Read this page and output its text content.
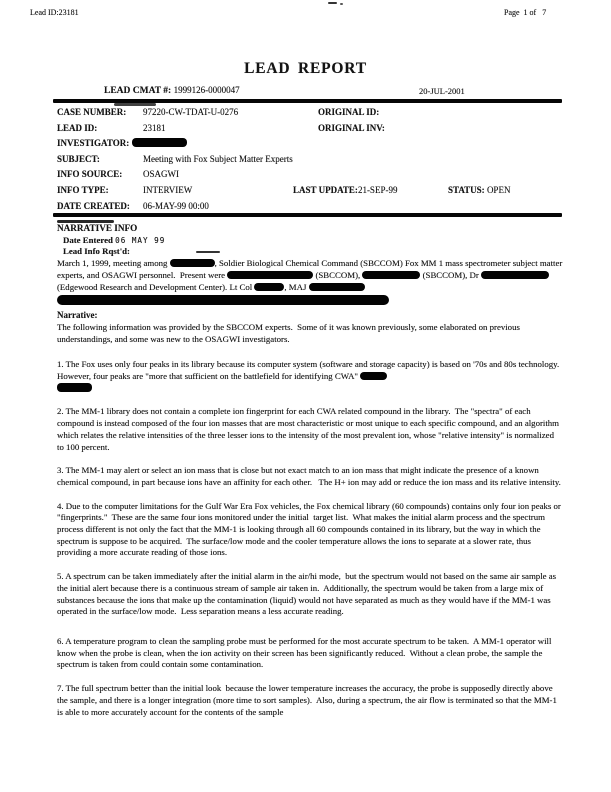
Lead ID:23181	Page  1 of   7
LEAD REPORT
LEAD CMAT #: 1999126-0000047	20-JUL-2001
CASE NUMBER: 97220-CW-TDAT-U-0276	ORIGINAL ID:
LEAD ID:	23181	ORIGINAL INV:
INVESTIGATOR:
SUBJECT:	Meeting with Fox Subject Matter Experts
INFO SOURCE: OSAGWI
INFO TYPE:	INTERVIEW	LAST UPDATE:21-SEP-99	STATUS: OPEN
DATE CREATED: 06-MAY-99 00:00
NARRATIVE INFO
Date Entered 06 MAY 99
Lead Info Rqst'd:
March 1, 1999, meeting among	, Soldier Biological Chemical Command (SBCCOM) Fox MM 1 mass spectrometer subject matter experts, and OSAGWI personnel.  Present were	(SBCCOM),	(SBCCOM), Dr	(Edgewood Research and Development Center). Lt Col	, MAJ
Narrative:
The following information was provided by the SBCCOM experts.  Some of it was known previously, some elaborated on previous understandings, and some was new to the OSAGWI investigators.
1. The Fox uses only four peaks in its library because its computer system (software and storage capacity) is based on '70s and 80s technology.  However, four peaks are "more that sufficient on the battlefield for identifying CWA"

2. The MM-1 library does not contain a complete ion fingerprint for each CWA related compound in the library.  The "spectra" of each compound is instead composed of the four ion masses that are most characteristic or most unique to each specific compound, and an algorithm which relates the relative intensities of the three lesser ions to the intensity of the most prevalent ion, whose "relative intensity" is normalized to 100 percent.
3. The MM-1 may alert or select an ion mass that is close but not exact match to an ion mass that might indicate the presence of a known chemical compound, in part because ions have an affinity for each other.   The H+ ion may add or reduce the ion mass and its relative intensity.
4. Due to the computer limitations for the Gulf War Era Fox vehicles, the Fox chemical library (60 compounds) contains only four ion peaks or "fingerprints."  These are the same four ions monitored under the initial  target list.  What makes the initial alarm process and the spectrum process different is not only the fact that the MM-1 is looking through all 60 compounds contained in its library, but the way in which the spectrum is suppose to be acquired.  The surface/low mode and the cooler temperature allows the ions to separate at a slower rate, thus providing a more accurate reading of those ions.
5. A spectrum can be taken immediately after the initial alarm in the air/hi mode,  but the spectrum would not based on the same air sample as the initial alert because there is a continuous stream of sample air taken in.  Additionally, the spectrum would be taken from a large mix of substances because the ions that make up the contamination (liquid) would not have separated as much as they would have if the MM-1 was operated in the surface/low mode.  Less separation means a less accurate reading.
6. A temperature program to clean the sampling probe must be performed for the most accurate spectrum to be taken.  A MM-1 operator will know when the probe is clean, when the ion activity on their screen has been significantly reduced.  Without a clean probe, the sample the spectrum is taken from could contain some contamination.
7. The full spectrum better than the initial look  because the lower temperature increases the accuracy, the probe is supposedly directly above the sample, and there is a longer integration (more time to sort samples).  Also, during a spectrum, the air flow is terminated so that the MM-1 is able to more accurately account for the contents of the sample
